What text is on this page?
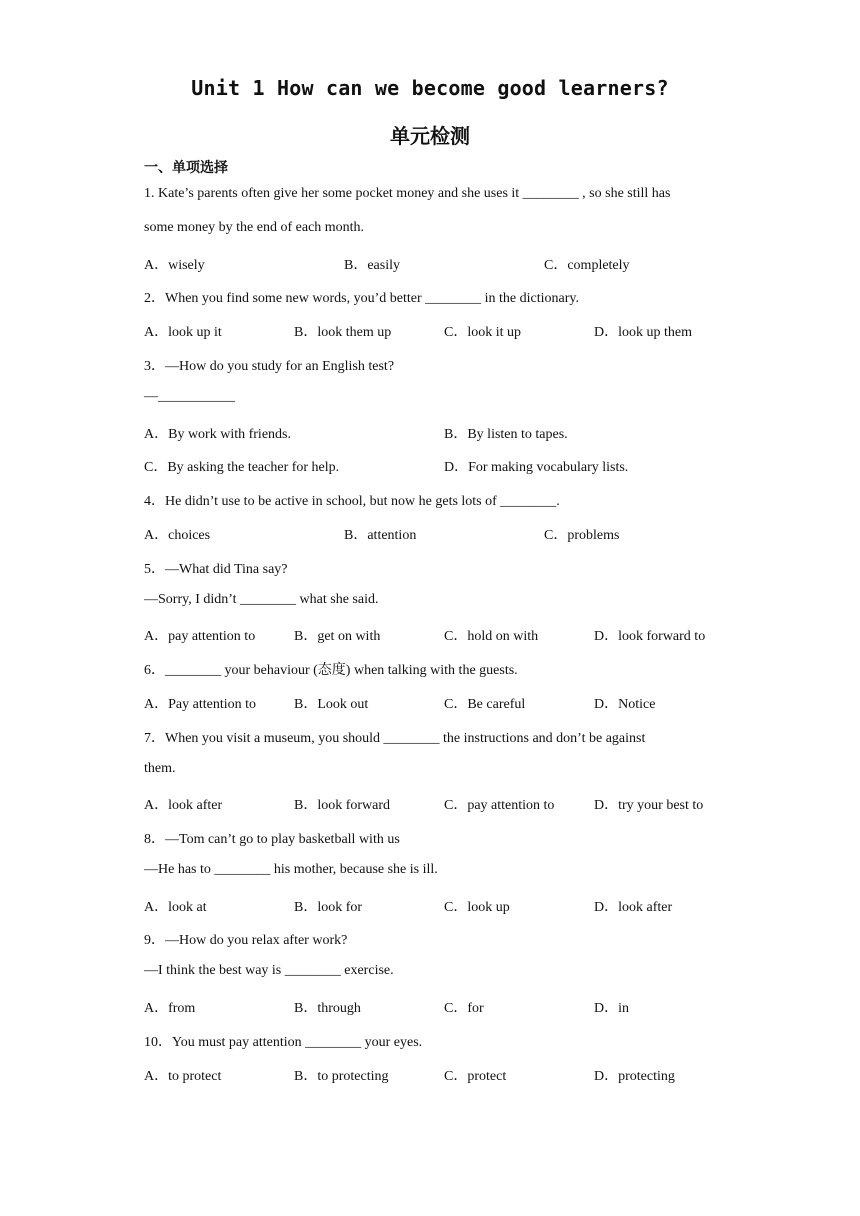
Unit 1 How can we become good learners?
单元检测
一、单项选择
1. Kate’s parents often give her some pocket money and she uses it ________ , so she still has
some money by the end of each month.
A．wisely	B．easily	C．completely
2．When you find some new words, you’d better ________ in the dictionary.
A．look up it	B．look them up	C．look it up	D．look up them
3．—How do you study for an English test?
—___________
A．By work with friends.	B．By listen to tapes.
C．By asking the teacher for help.	D．For making vocabulary lists.
4．He didn’t use to be active in school, but now he gets lots of ________.
A．choices	B．attention	C．problems
5．—What did Tina say?
—Sorry, I didn’t ________ what she said.
A．pay attention to	B．get on with	C．hold on with	D．look forward to
6．________ your behaviour (态度) when talking with the guests.
A．Pay attention to	B．Look out	C．Be careful	D．Notice
7．When you visit a museum, you should ________ the instructions and don’t be against
them.
A．look after	B．look forward	C．pay attention to	D．try your best to
8．—Tom can’t go to play basketball with us
—He has to ________ his mother, because she is ill.
A．look at	B．look for	C．look up	D．look after
9．—How do you relax after work?
—I think the best way is ________ exercise.
A．from	B．through	C．for	D．in
10．You must pay attention ________ your eyes.
A．to protect	B．to protecting	C．protect	D．protecting
